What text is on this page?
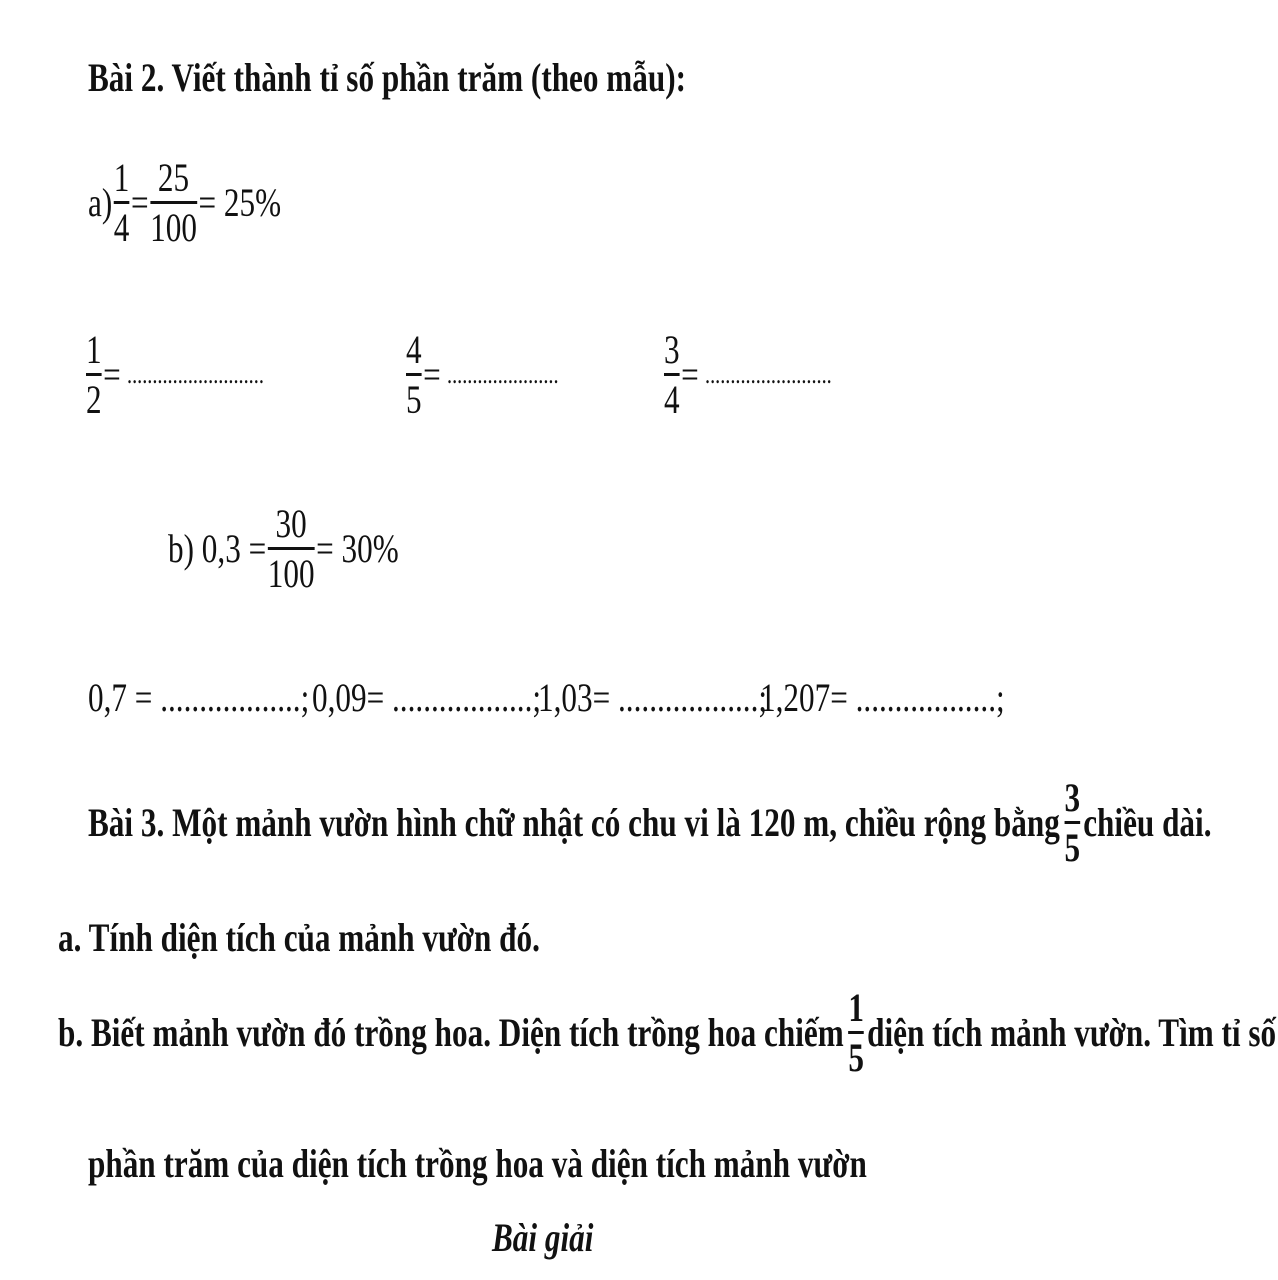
Bài 2. Viết thành tỉ số phần trăm (theo mẫu):
$a) \frac{1}{4} = \frac{25}{100} = 25\%$
$\frac{1}{2}$ = ...........................	$\frac{4}{5}$ = ......................	$\frac{3}{4}$ = .........................
b) $0,3 = \frac{30}{100} = 30\%$
0,7 = ..................; 0,09= ..................;
1,03= ..................;
1,207= ..................;
Bài 3. Một mảnh vườn hình chữ nhật có chu vi là 120 m, chiều rộng bằng $\frac{3}{5}$ chiều dài.
a. Tính diện tích của mảnh vườn đó.
b. Biết mảnh vườn đó trồng hoa. Diện tích trồng hoa chiếm $\frac{1}{5}$ diện tích mảnh vườn. Tìm tỉ số
phần trăm của diện tích trồng hoa và diện tích mảnh vườn
Bài giải
